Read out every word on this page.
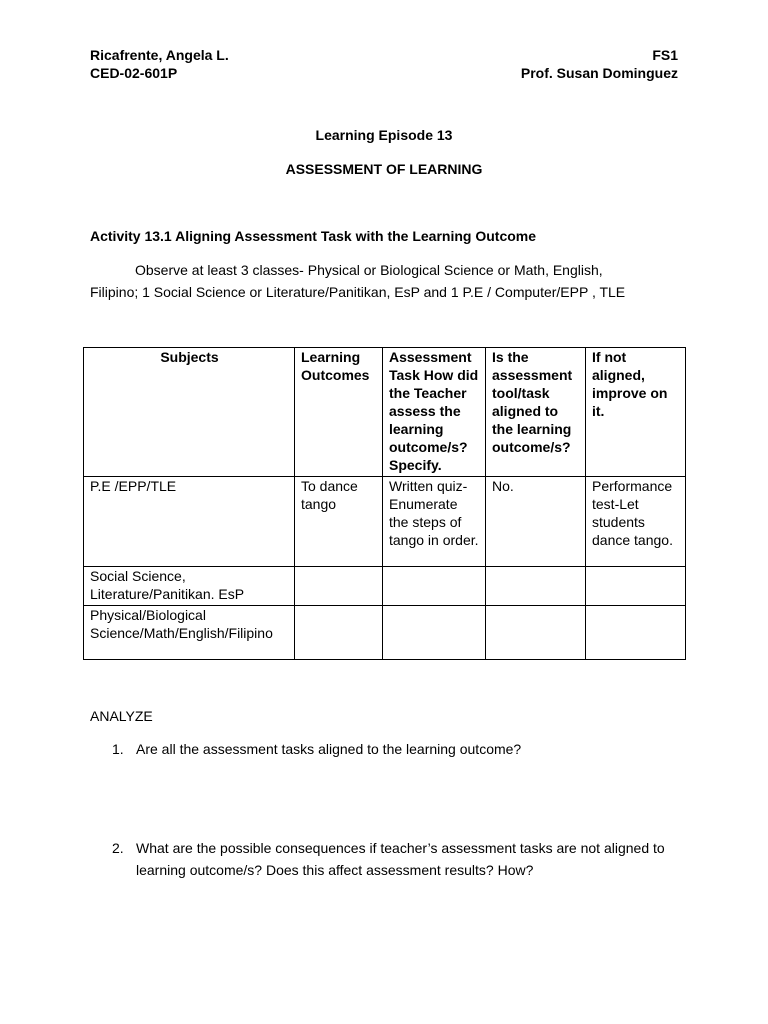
Ricafrente, Angela L.
CED-02-601P
FS1
Prof. Susan Dominguez
Learning Episode 13
ASSESSMENT OF LEARNING
Activity 13.1 Aligning Assessment Task with the Learning Outcome
Observe at least 3 classes- Physical or Biological Science or Math, English,
Filipino; 1 Social Science or Literature/Panitikan, EsP and 1 P.E / Computer/EPP , TLE
Subjects	Learning Outcomes	Assessment Task How did the Teacher assess the learning outcome/s? Specify.	Is the assessment tool/task aligned to the learning outcome/s?	If not aligned, improve on it.
P.E /EPP/TLE	To dance tango	Written quiz- Enumerate the steps of tango in order.	No.	Performance test-Let students dance tango.
Social Science, Literature/Panitikan. EsP				
Physical/Biological Science/Math/English/Filipino				
ANALYZE
1. Are all the assessment tasks aligned to the learning outcome?
2. What are the possible consequences if teacher’s assessment tasks are not aligned to learning outcome/s? Does this affect assessment results? How?
